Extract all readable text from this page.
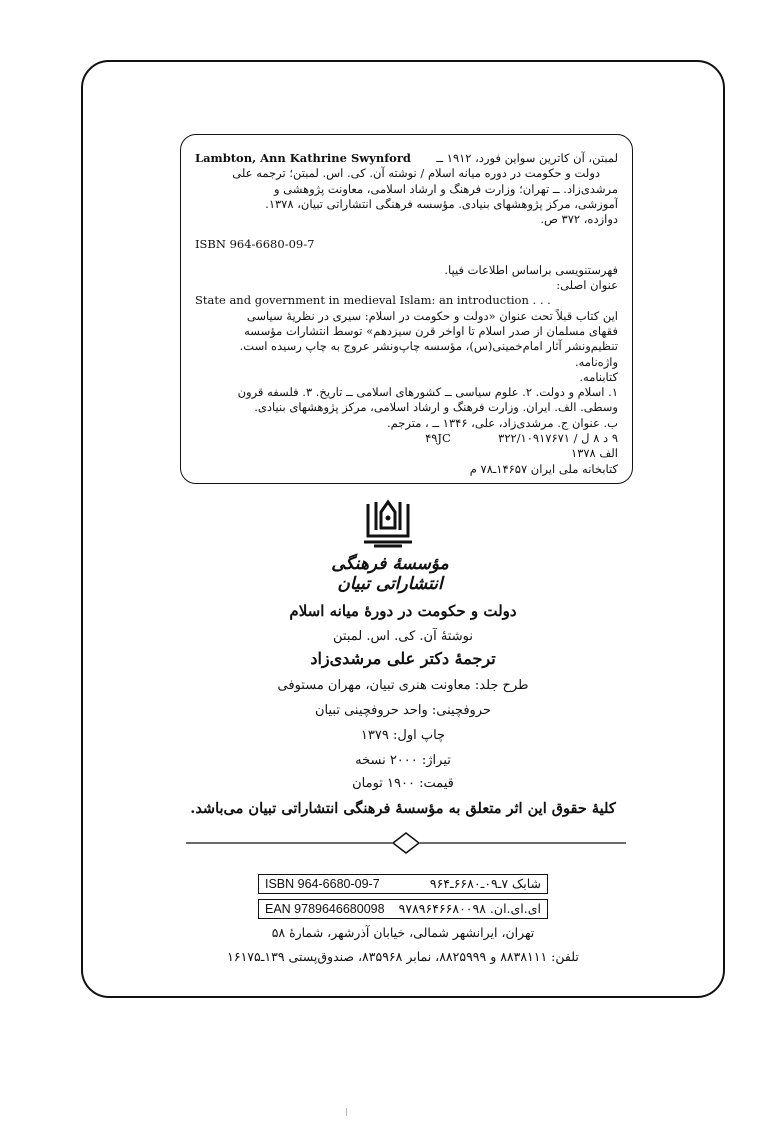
Lambton, Ann Kathrine Swynford لمبتن، آن کاترین سواین فورد، ۱۹۱۲ ــ
دولت و حکومت در دوره میانه اسلام / نوشته آن. کی. اس. لمبتن؛ ترجمه علی
مرشدی‌زاد. ــ تهران؛ وزارت فرهنگ و ارشاد اسلامی، معاونت پژوهشی و
آموزشی، مرکز پژوهشهای بنیادی. مؤسسه فرهنگی انتشاراتی تبیان، ۱۳۷۸.
دوازده، ۳۷۲ ص.
ISBN 964-6680-09-7
فهرستنویسی براساس اطلاعات فیپا.
عنوان اصلی:
State and government in medieval Islam: an introduction . . .
این کتاب قبلاً تحت عنوان «دولت و حکومت در اسلام: سیری در نظریهٔ سیاسی
فقهای مسلمان از صدر اسلام تا اواخر قرن سیزدهم» توسط انتشارات مؤسسه
تنظیم‌ونشر آثار امام‌خمینی(س)، مؤسسه چاپ‌ونشر عروج به چاپ رسیده است.
واژه‌نامه.
کتابنامه.
۱. اسلام و دولت. ۲. علوم سیاسی ــ کشورهای اسلامی ــ تاریخ. ۳. فلسفه قرون
وسطی. الف. ایران. وزارت فرهنگ و ارشاد اسلامی، مرکز پژوهشهای بنیادی.
ب. عنوان ج. مرشدی‌زاد، علی، ۱۳۴۶ ــ ، مترجم.
۹ د ۸ ل / ۴۹JC  ۳۲۲/۱۰۹۱۷۶۷۱
الف ۱۳۷۸
کتابخانه ملی ایران ۱۴۶۵۷ـ۷۸ م
مؤسسهٔ فرهنگی انتشاراتی تبیان
دولت و حکومت در دورهٔ میانه اسلام
نوشتهٔ آن. کی. اس. لمبتن
ترجمهٔ دکتر علی مرشدی‌زاد
طرح جلد: معاونت هنری تبیان، مهران مستوفی
حروفچینی: واحد حروفچینی تبیان
چاپ اول: ۱۳۷۹
تیراژ: ۲۰۰۰ نسخه
قیمت: ۱۹۰۰ تومان
کلیهٔ حقوق این اثر متعلق به مؤسسهٔ فرهنگی انتشاراتی تبیان می‌باشد.
ISBN 964-6680-09-7	شابک ۷ـ۰۹ـ۶۶۸۰ـ۹۶۴
EAN 9789646680098 ای.ای.ان. ۹۷۸۹۶۴۶۶۸۰۰۹۸
تهران، ایرانشهر شمالی، خیابان آذرشهر، شمارهٔ ۵۸
تلفن: ۸۸۳۸۱۱۱ و ۸۸۲۵۹۹۹، نمابر ۸۳۵۹۶۸، صندوق‌پستی ۱۳۹ـ۱۶۱۷۵
